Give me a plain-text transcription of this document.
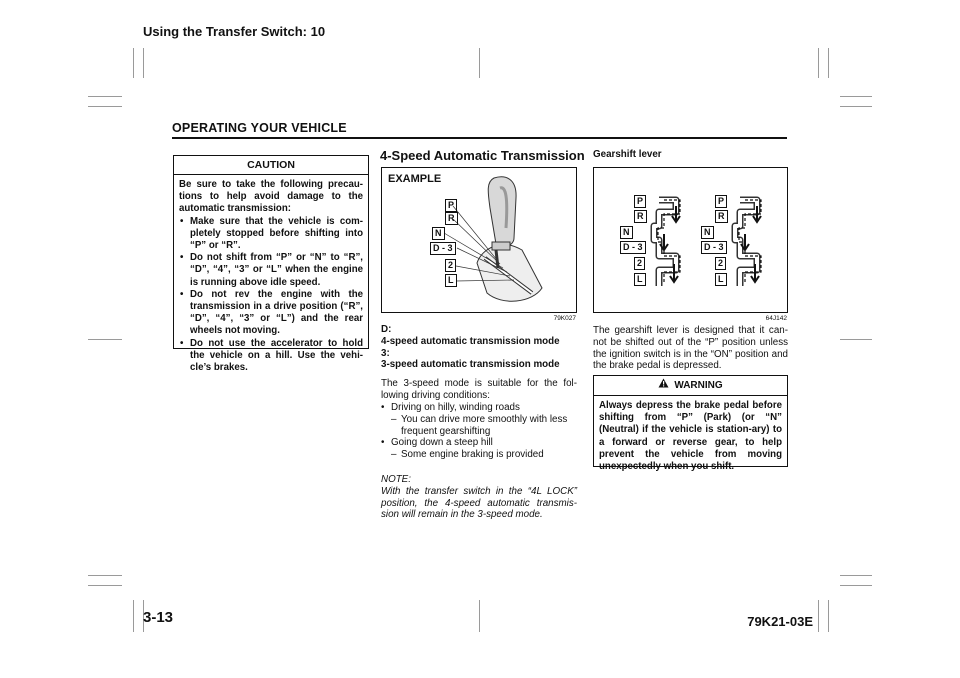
Using the Transfer Switch: 10
OPERATING YOUR VEHICLE
CAUTION
Be sure to take the following precau-tions to help avoid damage to the automatic transmission:
• Make sure that the vehicle is com-pletely stopped before shifting into “P” or “R”.
• Do not shift from “P” or “N” to “R”, “D”, “4”, “3” or “L” when the engine is running above idle speed.
• Do not rev the engine with the transmission in a drive position (“R”, “D”, “4”, “3” or “L”) and the rear wheels not moving.
• Do not use the accelerator to hold the vehicle on a hill. Use the vehi-cle’s brakes.
4-Speed Automatic Transmission
EXAMPLE
P
R
N
D - 3
2
L
79K027
D:
4-speed automatic transmission mode
3:
3-speed automatic transmission mode
The 3-speed mode is suitable for the fol-lowing driving conditions:
• Driving on hilly, winding roads
– You can drive more smoothly with less frequent gearshifting
• Going down a steep hill
– Some engine braking is provided
NOTE:
With the transfer switch in the “4L LOCK” position, the 4-speed automatic transmis-sion will remain in the 3-speed mode.
Gearshift lever
P
R
N
D - 3
2
L
P
R
N
D - 3
2
L
64J142
The gearshift lever is designed that it can-not be shifted out of the “P” position unless the ignition switch is in the “ON” position and the brake pedal is depressed.
WARNING
Always depress the brake pedal before shifting from “P” (Park) (or “N” (Neutral) if the vehicle is station-ary) to a forward or reverse gear, to help prevent the vehicle from moving unexpectedly when you shift.
3-13	79K21-03E
